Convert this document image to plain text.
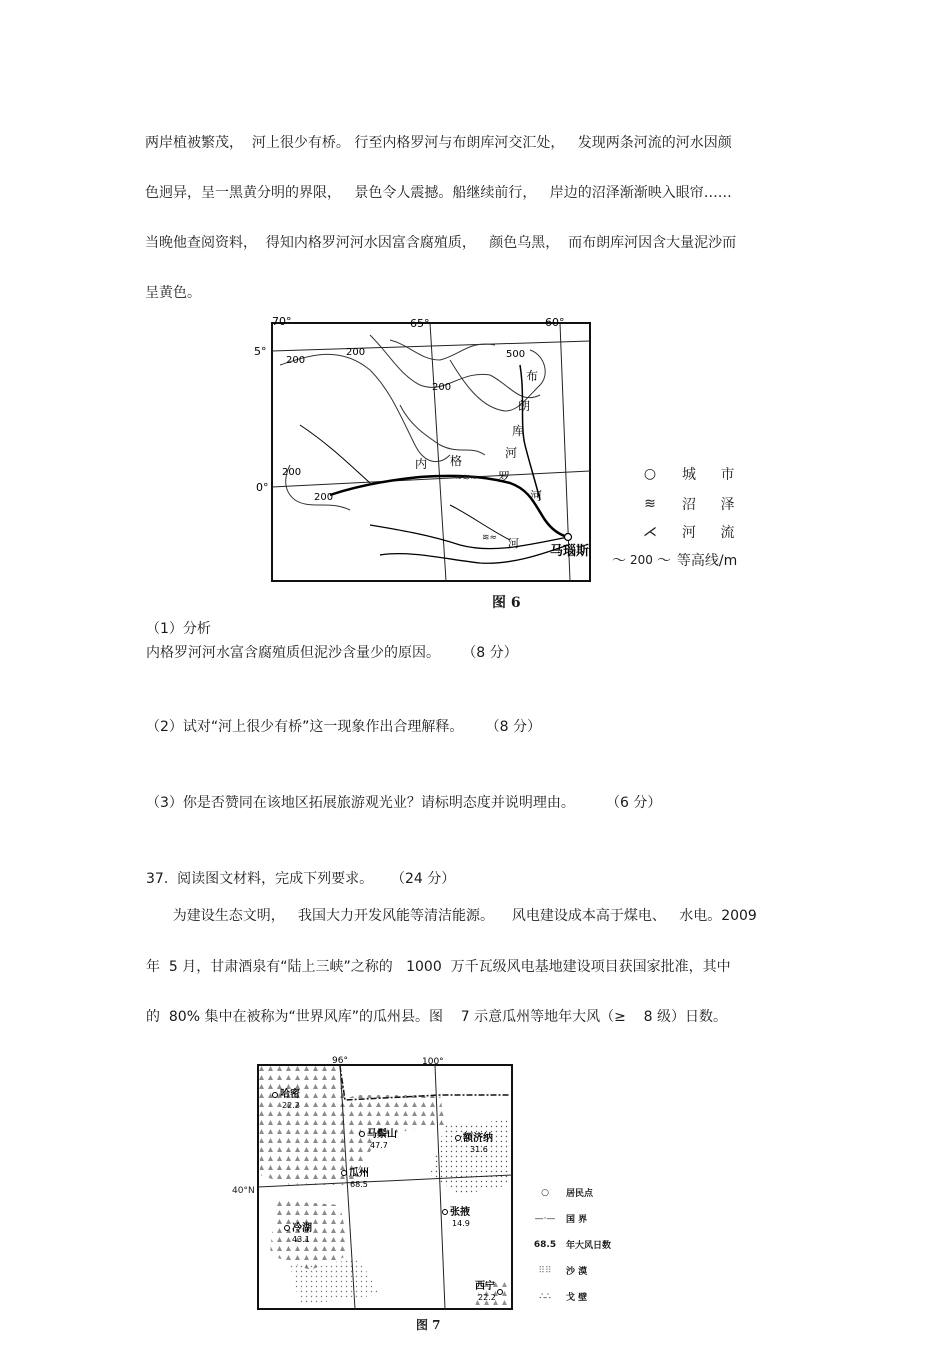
两岸植被繁茂，  河上很少有桥。 行至内格罗河与布朗库河交汇处，   发现两条河流的河水因颜
色迥异，呈一黑黄分明的界限，   景色令人震撼。船继续前行，   岸边的沼泽渐渐映入眼帘……
当晚他查阅资料，  得知内格罗河河水因富含腐殖质，   颜色乌黑，  而布朗库河因含大量泥沙而
呈黄色。
70°	65°	60°
5°
0°
200
200	500
200
200
200
≈≋≈
≋≈
内 格
罗
河
布
朗
库
河
河
马瑙斯
○	城 市
≋	沼 泽
⋌	河 流
～ 200 ～ 等高线/m
图 6
（1）分析
内格罗河河水富含腐殖质但泥沙含量少的原因。     （8 分）
（2）试对“河上很少有桥”这一现象作出合理解释。     （8 分）
（3）你是否赞同在该地区拓展旅游观光业？请标明态度并说明理由。       （6 分）
37.  阅读图文材料，完成下列要求。    （24 分）
为建设生态文明，   我国大力开发风能等清洁能源。    风电建设成本高于煤电、   水电。2009
年  5 月，甘肃酒泉有“陆上三峡”之称的   1000  万千瓦级风电基地建设项目获国家批准，其中
的  80% 集中在被称为“世界风库”的瓜州县。图    7 示意瓜州等地年大风（≥    8 级）日数。
96°	100°
哈密
22.2
马鬃山
47.7
额济纳
31.6
瓜州
68.5
冷湖
43.1
张掖
14.9
西宁
22.2
40°N	○	居民点
—·—	国 界
68.5	年大风日数
⠿⠿	沙 漠
∴∴	戈 壁
图 7
